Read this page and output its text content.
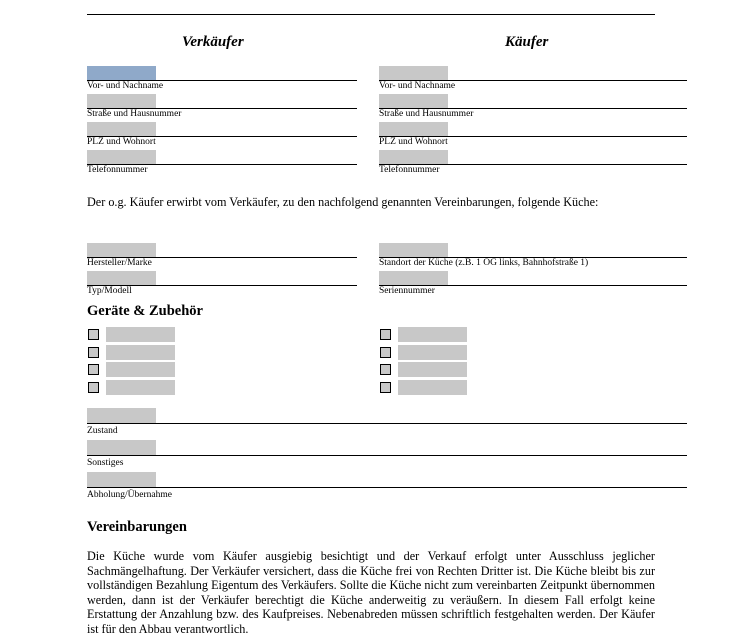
Verkäufer	Käufer
Vor- und Nachname
Straße und Hausnummer
PLZ und Wohnort
Telefonnummer
Vor- und Nachname
Straße und Hausnummer
PLZ und Wohnort
Telefonnummer
Der o.g. Käufer erwirbt vom Verkäufer, zu den nachfolgend genannten Vereinbarungen, folgende Küche:
Hersteller/Marke
Typ/Modell
Standort der Küche (z.B. 1 OG links, Bahnhofstraße 1)
Seriennummer
Geräte & Zubehör
Zustand
Sonstiges
Abholung/Übernahme
Vereinbarungen
Die Küche wurde vom Käufer ausgiebig besichtigt und der Verkauf erfolgt unter Ausschluss jeglicher Sachmängelhaftung. Der Verkäufer versichert, dass die Küche frei von Rechten Dritter ist. Die Küche bleibt bis zur vollständigen Bezahlung Eigentum des Verkäufers. Sollte die Küche nicht zum vereinbarten Zeitpunkt übernommen werden, dann ist der Verkäufer berechtigt die Küche anderweitig zu veräußern. In diesem Fall erfolgt keine Erstattung der Anzahlung bzw. des Kaufpreises. Nebenabreden müssen schriftlich festgehalten werden. Der Käufer ist für den Abbau verantwortlich.
